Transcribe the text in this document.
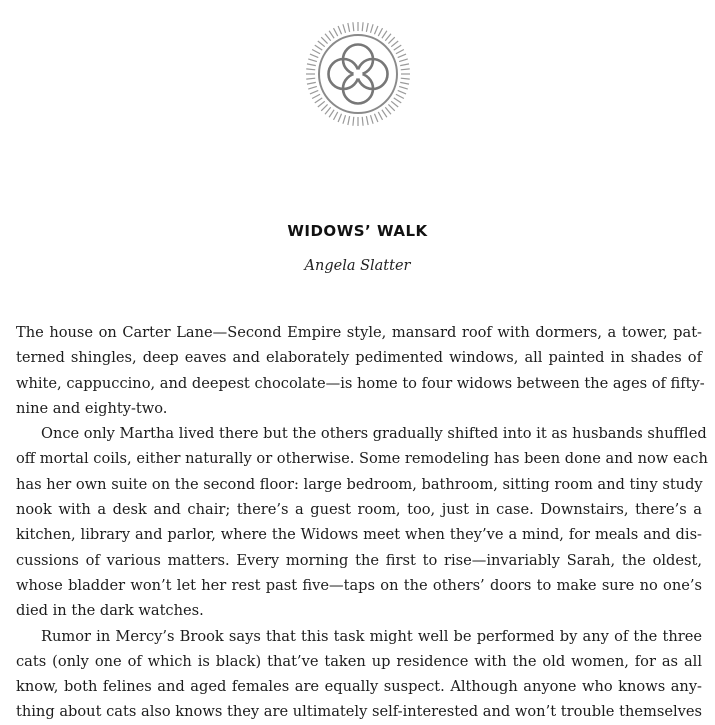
WIDOWS’ WALK
Angela Slatter
The house on Carter Lane—Second Empire style, mansard roof with dormers, a tower, pat-
terned shingles, deep eaves and elaborately pedimented windows, all painted in shades of
white, cappuccino, and deepest chocolate—is home to four widows between the ages of fifty-
nine and eighty-two.
Once only Martha lived there but the others gradually shifted into it as husbands shuffled
off mortal coils, either naturally or otherwise. Some remodeling has been done and now each
has her own suite on the second floor: large bedroom, bathroom, sitting room and tiny study
nook with a desk and chair; there’s a guest room, too, just in case. Downstairs, there’s a
kitchen, library and parlor, where the Widows meet when they’ve a mind, for meals and dis-
cussions of various matters. Every morning the first to rise—invariably Sarah, the oldest,
whose bladder won’t let her rest past five—taps on the others’ doors to make sure no one’s
died in the dark watches.
Rumor in Mercy’s Brook says that this task might well be performed by any of the three
cats (only one of which is black) that’ve taken up residence with the old women, for as all
know, both felines and aged females are equally suspect. Although anyone who knows any-
thing about cats also knows they are ultimately self-interested and won’t trouble themselves
